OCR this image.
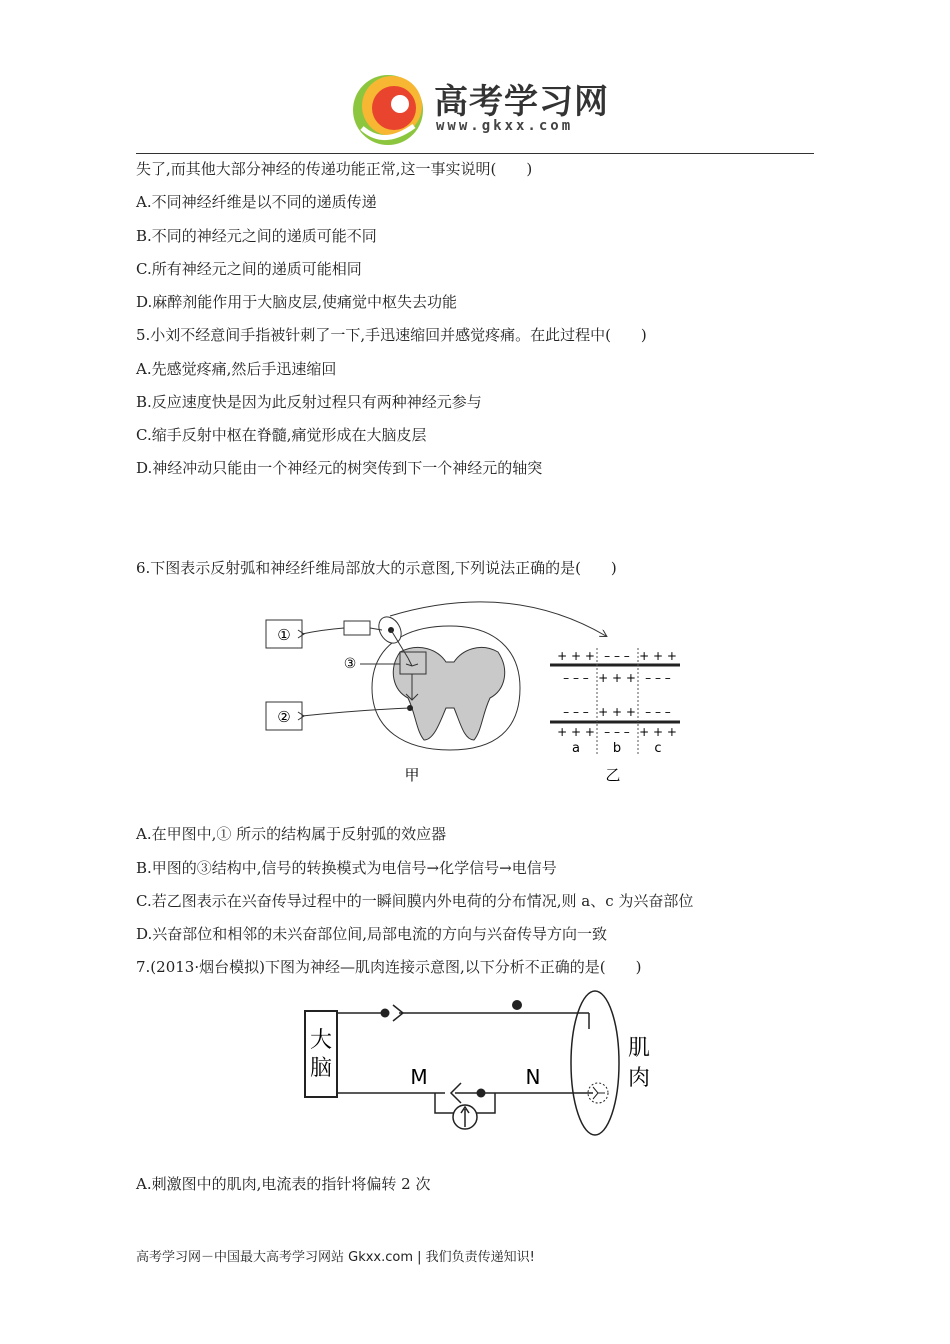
高考学习网
www.gkxx.com
失了,而其他大部分神经的传递功能正常,这一事实说明(　　)
A.不同神经纤维是以不同的递质传递
B.不同的神经元之间的递质可能不同
C.所有神经元之间的递质可能相同
D.麻醉剂能作用于大脑皮层,使痛觉中枢失去功能
5.小刘不经意间手指被针刺了一下,手迅速缩回并感觉疼痛。在此过程中(　　)
A.先感觉疼痛,然后手迅速缩回
B.反应速度快是因为此反射过程只有两种神经元参与
C.缩手反射中枢在脊髓,痛觉形成在大脑皮层
D.神经冲动只能由一个神经元的树突传到下一个神经元的轴突
6.下图表示反射弧和神经纤维局部放大的示意图,下列说法正确的是(　　)
①
②
③	+ + + – – – + + +
– – – + + + – – –
– – – + + + – – –
+ + + – – – + + +
a	b	c
甲	乙
A.在甲图中,① 所示的结构属于反射弧的效应器
B.甲图的③结构中,信号的转换模式为电信号→化学信号→电信号
C.若乙图表示在兴奋传导过程中的一瞬间膜内外电荷的分布情况,则 a、c 为兴奋部位
D.兴奋部位和相邻的未兴奋部位间,局部电流的方向与兴奋传导方向一致
7.(2013·烟台模拟)下图为神经—肌肉连接示意图,以下分析不正确的是(　　)
大
脑
肌
肉
M	N
A.刺激图中的肌肉,电流表的指针将偏转 2 次
高考学习网－中国最大高考学习网站 Gkxx.com | 我们负责传递知识!
